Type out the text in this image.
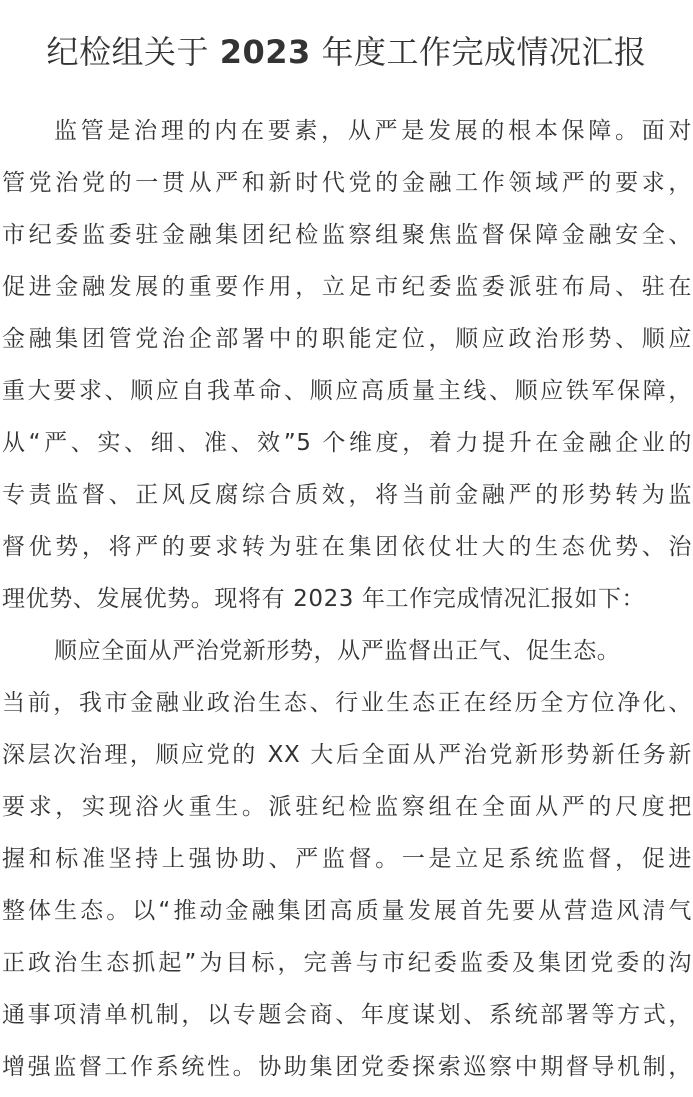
纪检组关于 2023 年度工作完成情况汇报
监管是治理的内在要素，从严是发展的根本保障。面对
管党治党的一贯从严和新时代党的金融工作领域严的要求，
市纪委监委驻金融集团纪检监察组聚焦监督保障金融安全、
促进金融发展的重要作用，立足市纪委监委派驻布局、驻在
金融集团管党治企部署中的职能定位，顺应政治形势、顺应
重大要求、顺应自我革命、顺应高质量主线、顺应铁军保障，
从“严、实、细、准、效”5 个维度，着力提升在金融企业的
专责监督、正风反腐综合质效，将当前金融严的形势转为监
督优势，将严的要求转为驻在集团依仗壮大的生态优势、治
理优势、发展优势。现将有 2023 年工作完成情况汇报如下：
顺应全面从严治党新形势，从严监督出正气、促生态。
当前，我市金融业政治生态、行业生态正在经历全方位净化、
深层次治理，顺应党的 XX 大后全面从严治党新形势新任务新
要求，实现浴火重生。派驻纪检监察组在全面从严的尺度把
握和标准坚持上强协助、严监督。一是立足系统监督，促进
整体生态。以“推动金融集团高质量发展首先要从营造风清气
正政治生态抓起”为目标，完善与市纪委监委及集团党委的沟
通事项清单机制，以专题会商、年度谋划、系统部署等方式，
增强监督工作系统性。协助集团党委探索巡察中期督导机制，
